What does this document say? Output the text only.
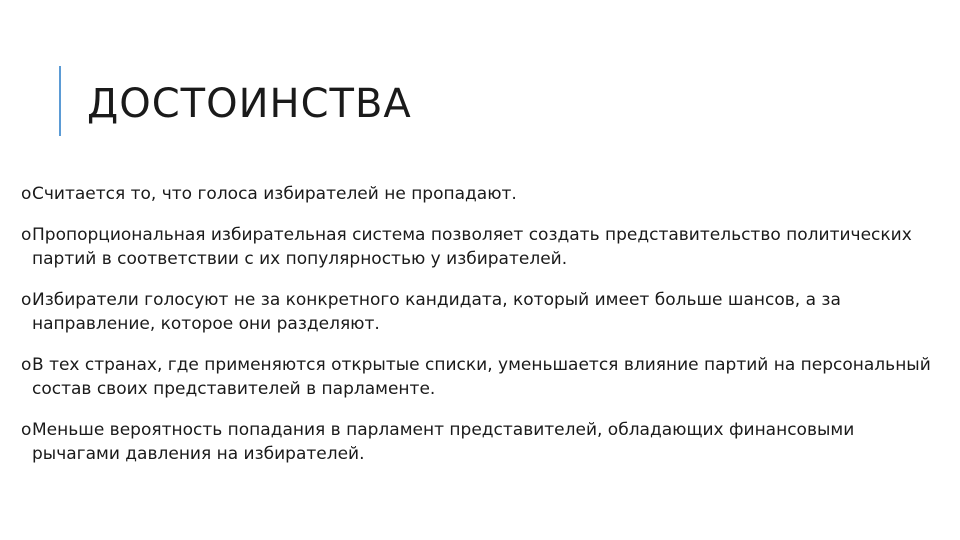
ДОСТОИНСТВА
o Считается то, что голоса избирателей не пропадают.
o Пропорциональная избирательная система позволяет создать представительство политических партий в соответствии с их популярностью у избирателей.
o Избиратели голосуют не за конкретного кандидата, который имеет больше шансов, а за направление, которое они разделяют.
o В тех странах, где применяются открытые списки, уменьшается влияние партий на персональный состав своих представителей в парламенте.
o Меньше вероятность попадания в парламент представителей, обладающих финансовыми рычагами давления на избирателей.
